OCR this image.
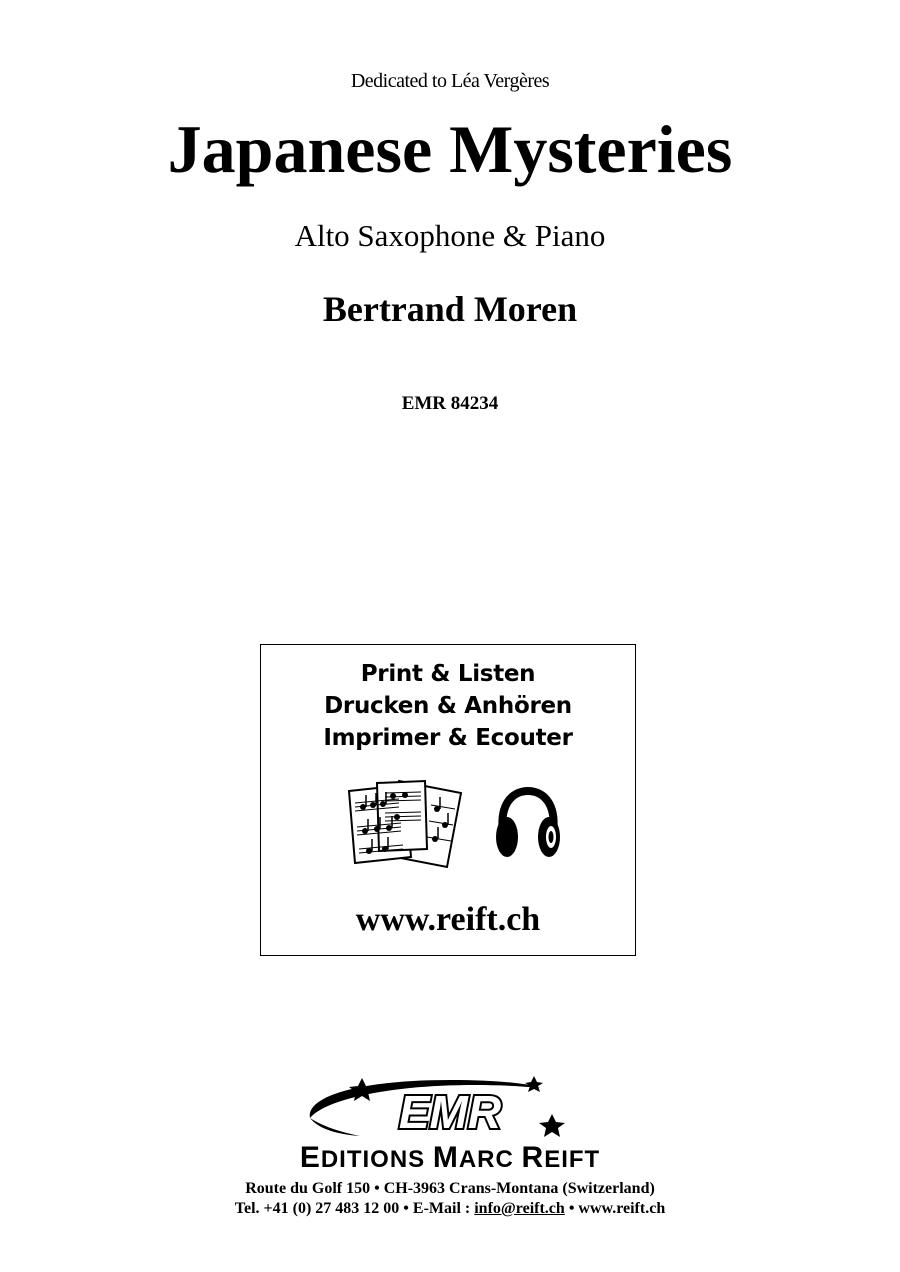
Dedicated to Léa Vergères
Japanese Mysteries
Alto Saxophone & Piano
Bertrand Moren
EMR 84234
Print & Listen
Drucken & Anhören
Imprimer & Ecouter
www.reift.ch
EMR
EDITIONS MARC REIFT
Route du Golf 150 • CH-3963 Crans-Montana (Switzerland)
Tel. +41 (0) 27 483 12 00 • E-Mail : info@reift.ch • www.reift.ch
